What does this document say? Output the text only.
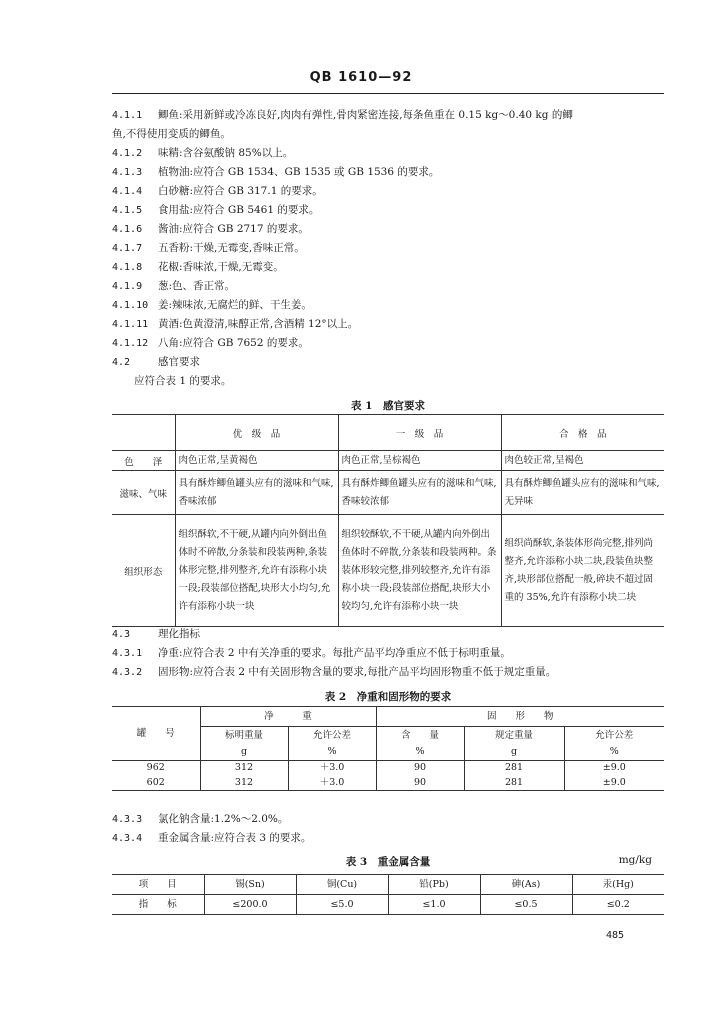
QB 1610—92
4.1.1 鲫鱼:采用新鲜或冷冻良好,肉肉有弹性,骨肉紧密连接,每条鱼重在 0.15 kg～0.40 kg 的鲫
鱼,不得使用变质的鲫鱼。
4.1.2 味精:含谷氨酸钠 85%以上。
4.1.3 植物油:应符合 GB 1534、GB 1535 或 GB 1536 的要求。
4.1.4 白砂糖:应符合 GB 317.1 的要求。
4.1.5 食用盐:应符合 GB 5461 的要求。
4.1.6 酱油:应符合 GB 2717 的要求。
4.1.7 五香粉:干燥,无霉变,香味正常。
4.1.8 花椒:香味浓,干燥,无霉变。
4.1.9 葱:色、香正常。
4.1.10 姜:辣味浓,无腐烂的鲜、干生姜。
4.1.11 黄酒:色黄澄清,味醇正常,含酒精 12°以上。
4.1.12 八角:应符合 GB 7652 的要求。
4.2	感官要求
应符合表 1 的要求。
表 1　感官要求
	优　级　品	一　级　品	合　格　品
色　　泽	肉色正常,呈黄褐色	肉色正常,呈棕褐色	肉色较正常,呈褐色
滋味、气味	具有酥炸鲫鱼罐头应有的滋味和气味,香味浓郁	具有酥炸鲫鱼罐头应有的滋味和气味,香味较浓郁	具有酥炸鲫鱼罐头应有的滋味和气味,无异味
组织形态	组织酥软,不干硬,从罐内向外倒出鱼体时不碎散,分条装和段装两种,条装体形完整,排列整齐,允许有添称小块一段;段装部位搭配,块形大小均匀,允许有添称小块一块	组织较酥软,不干硬,从罐内向外倒出鱼体时不碎散,分条装和段装两种。条装体形较完整,排列较整齐,允许有添称小块一段;段装部位搭配,块形大小较均匀,允许有添称小块一块	组织尚酥软,条装体形尚完整,排列尚整齐,允许添称小块二块,段装鱼块整齐,块形部位搭配一般,碎块不超过固重的 35%,允许有添称小块二块
4.3	理化指标
4.3.1 净重:应符合表 2 中有关净重的要求。每批产品平均净重应不低于标明重量。
4.3.2 固形物:应符合表 2 中有关固形物含量的要求,每批产品平均固形物重不低于规定重量。
表 2　净重和固形物的要求
罐　　号	净　　　重		固　　形　　物		
	标明重量	允许公差	含　　量	规定重量	允许公差
	g	%	%	g	%
962	312	＋3.0	90	281	±9.0
602	312	＋3.0	90	281	±9.0
4.3.3 氯化钠含量:1.2%～2.0%。
4.3.4 重金属含量:应符合表 3 的要求。
表 3　重金属含量	mg/kg
项　　目	锡(Sn)	铜(Cu)	铅(Pb)	砷(As)	汞(Hg)
指　　标	≤200.0	≤5.0	≤1.0	≤0.5	≤0.2
485
